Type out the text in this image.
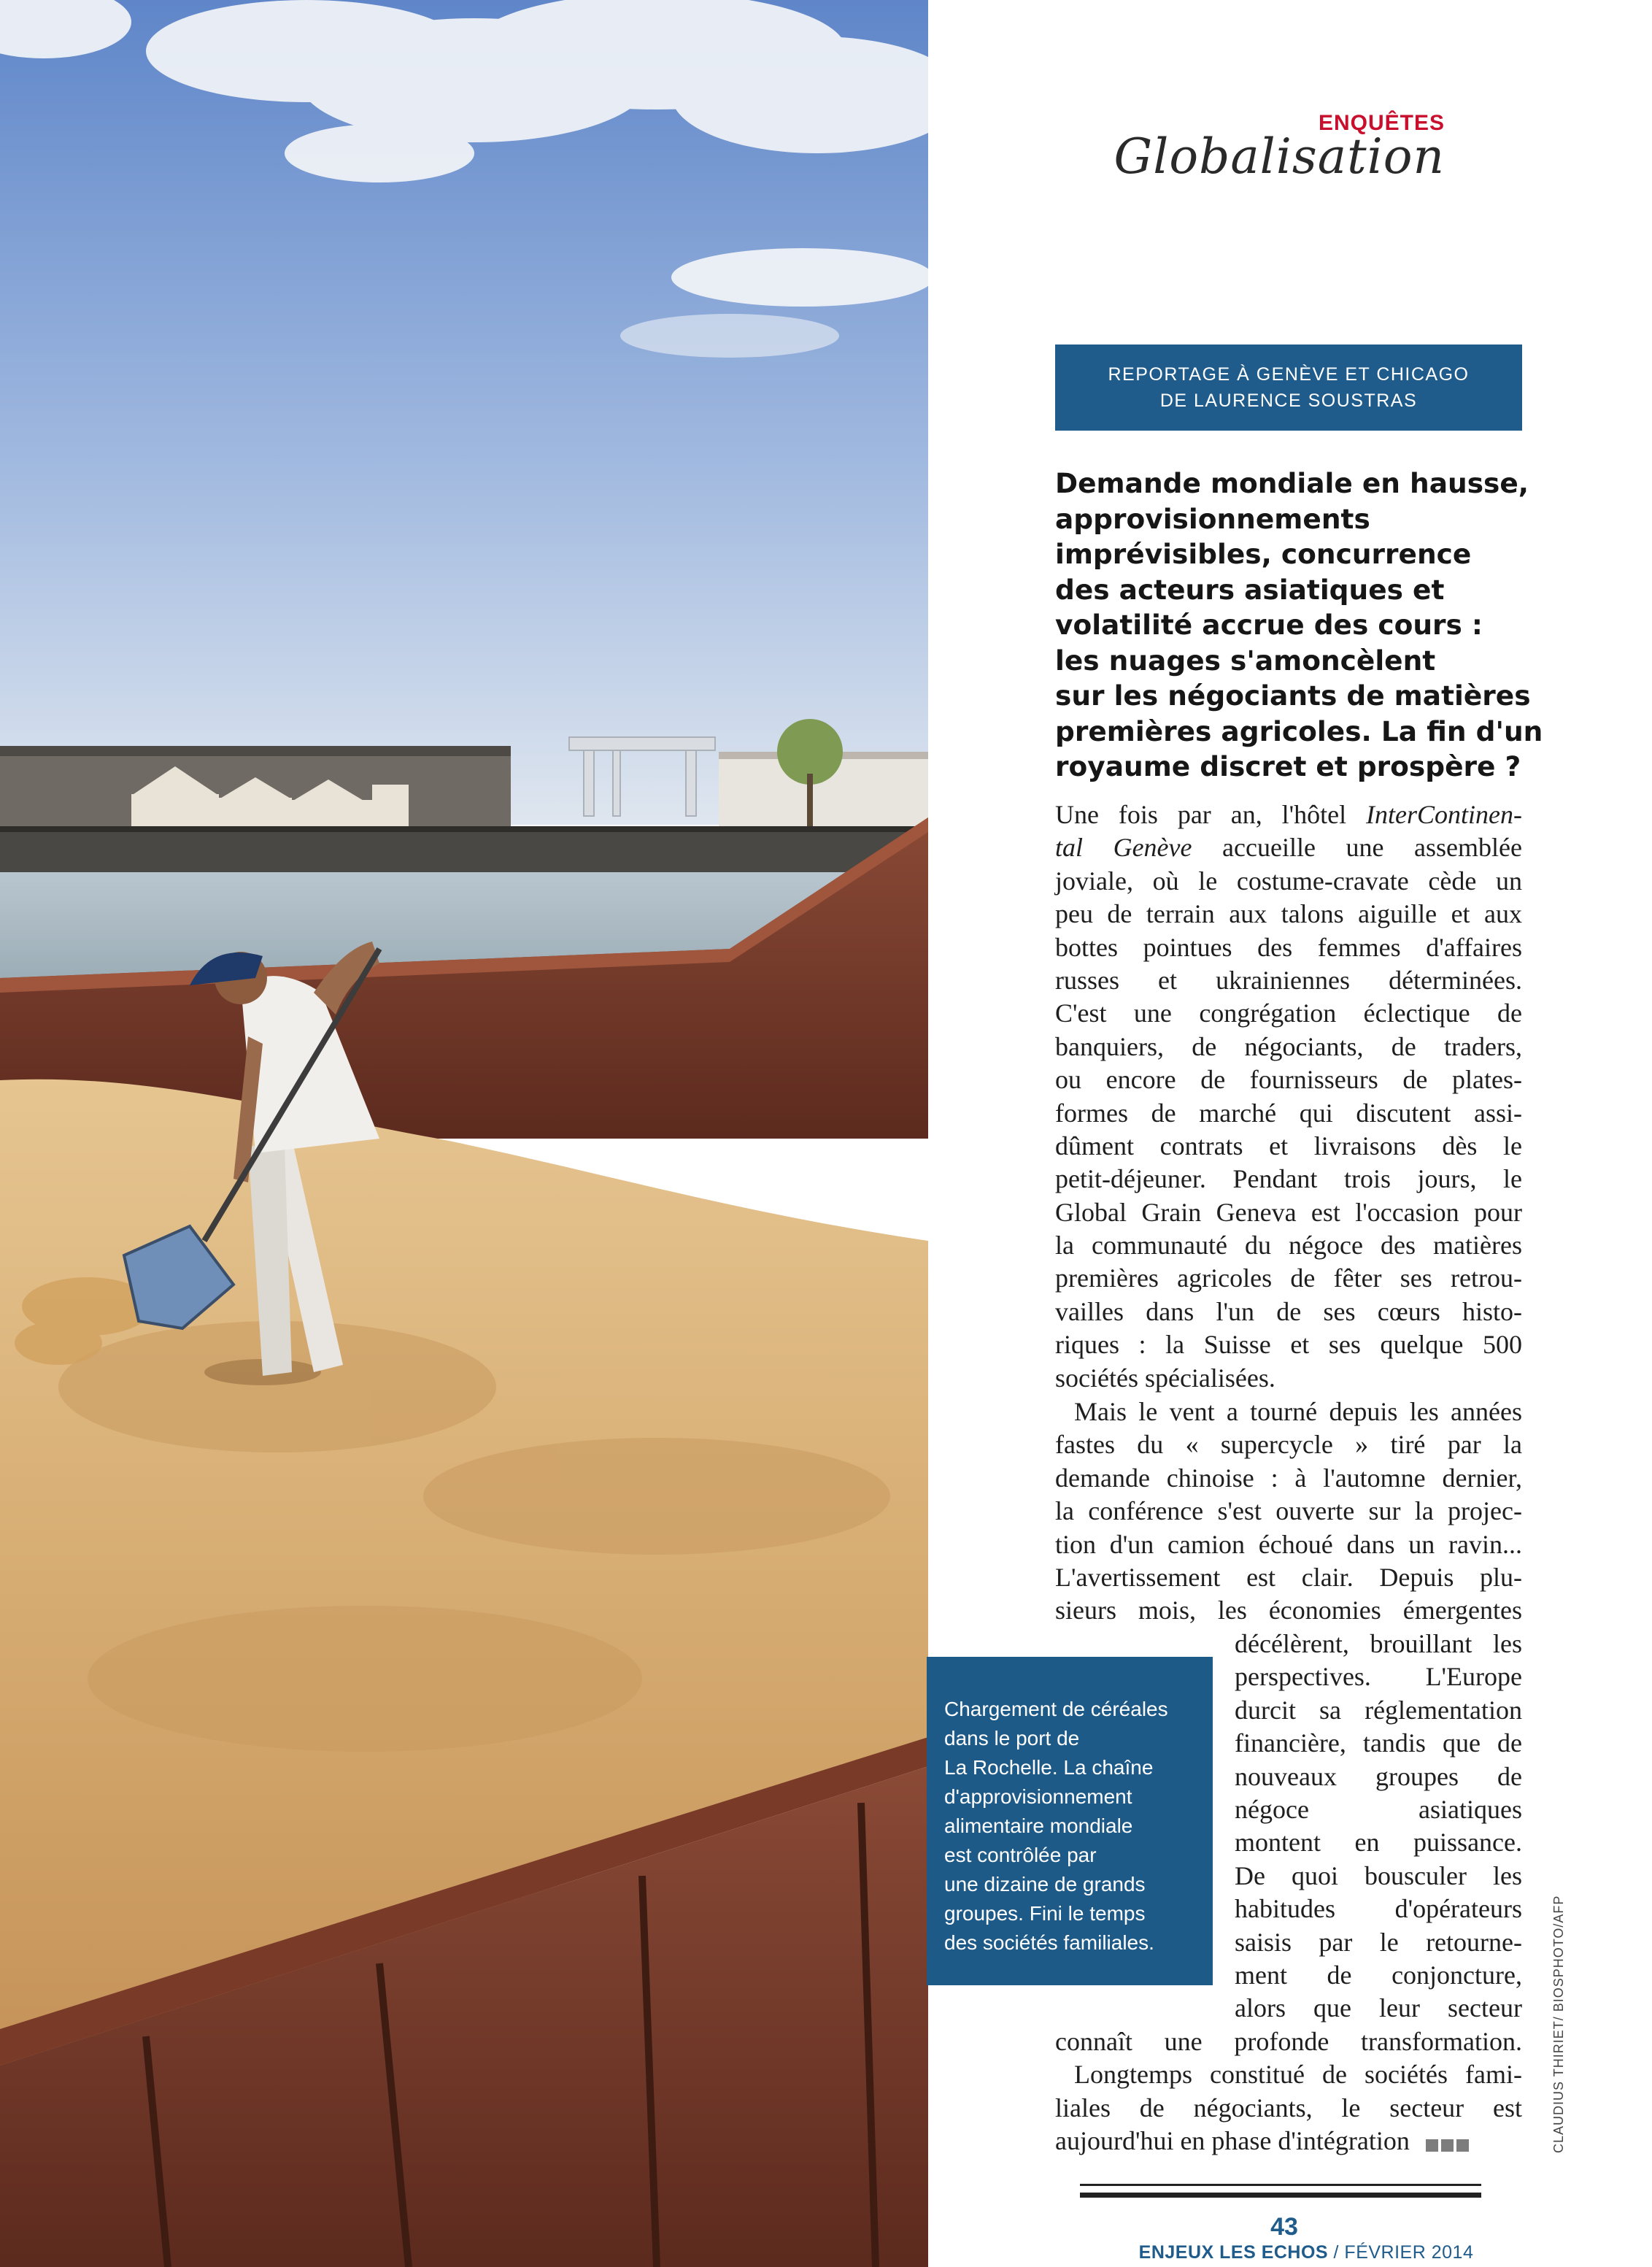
ENQUÊTES
Globalisation
REPORTAGE À GENÈVE ET CHICAGO
DE LAURENCE SOUSTRAS
Demande mondiale en hausse,
approvisionnements
imprévisibles, concurrence
des acteurs asiatiques et
volatilité accrue des cours :
les nuages s'amoncèlent
sur les négociants de matières
premières agricoles. La fin d'un
royaume discret et prospère ?
Une fois par an, l'hôtel InterContinen-
tal Genève accueille une assemblée
joviale, où le costume-cravate cède un
peu de terrain aux talons aiguille et aux
bottes pointues des femmes d'affaires
russes et ukrainiennes déterminées.
C'est une congrégation éclectique de
banquiers, de négociants, de traders,
ou encore de fournisseurs de plates-
formes de marché qui discutent assi-
dûment contrats et livraisons dès le
petit-déjeuner. Pendant trois jours, le
Global Grain Geneva est l'occasion pour
la communauté du négoce des matières
premières agricoles de fêter ses retrou-
vailles dans l'un de ses cœurs histo-
riques : la Suisse et ses quelque 500
sociétés spécialisées.
Mais le vent a tourné depuis les années
fastes du « supercycle » tiré par la
demande chinoise : à l'automne dernier,
la conférence s'est ouverte sur la projec-
tion d'un camion échoué dans un ravin...
L'avertissement est clair. Depuis plu-
sieurs mois, les économies émergentes
décélèrent, brouillant les
perspectives. L'Europe
durcit sa réglementation
financière, tandis que de
nouveaux groupes de
négoce asiatiques
montent en puissance.
De quoi bousculer les
habitudes d'opérateurs
saisis par le retourne-
ment de conjoncture,
alors que leur secteur
connaît une profonde transformation.
Longtemps constitué de sociétés fami-
liales de négociants, le secteur est
aujourd'hui en phase d'intégration
Chargement de céréales
dans le port de
La Rochelle. La chaîne
d'approvisionnement
alimentaire mondiale
est contrôlée par
une dizaine de grands
groupes. Fini le temps
des sociétés familiales.	CLAUDIUS THIRIET/ BIOSPHOTO/AFP
43
ENJEUX LES ECHOS / FÉVRIER 2014
